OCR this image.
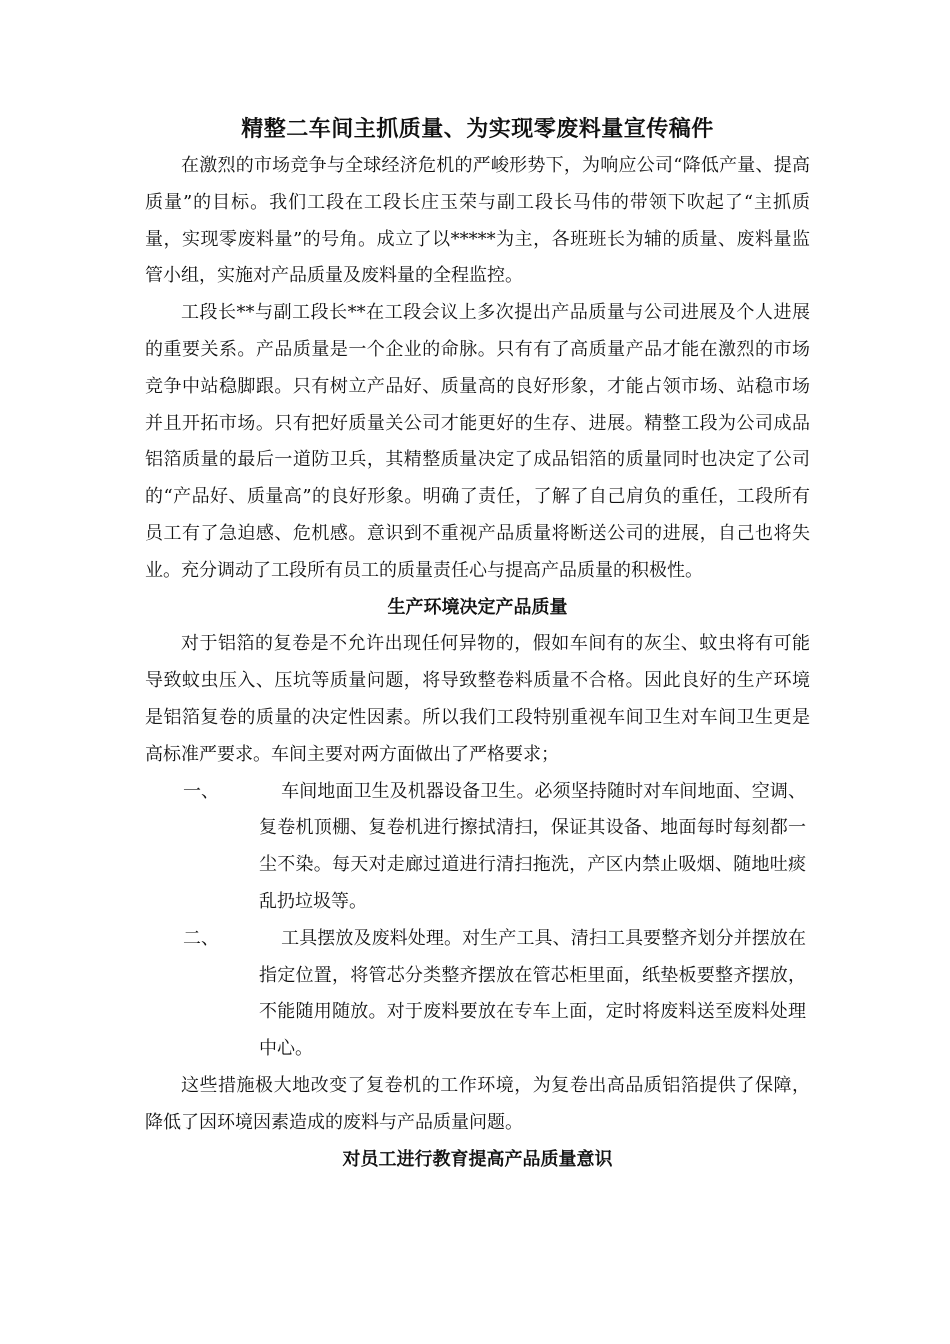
精整二车间主抓质量、为实现零废料量宣传稿件

在激烈的市场竞争与全球经济危机的严峻形势下，为响应公司“降低产量、提高质量”的目标。我们工段在工段长庄玉荣与副工段长马伟的带领下吹起了“主抓质量，实现零废料量”的号角。成立了以*****为主，各班班长为辅的质量、废料量监管小组，实施对产品质量及废料量的全程监控。

工段长**与副工段长**在工段会议上多次提出产品质量与公司进展及个人进展的重要关系。产品质量是一个企业的命脉。只有有了高质量产品才能在激烈的市场竞争中站稳脚跟。只有树立产品好、质量高的良好形象，才能占领市场、站稳市场并且开拓市场。只有把好质量关公司才能更好的生存、进展。精整工段为公司成品铝箔质量的最后一道防卫兵，其精整质量决定了成品铝箔的质量同时也决定了公司的“产品好、质量高”的良好形象。明确了责任，了解了自己肩负的重任，工段所有员工有了急迫感、危机感。意识到不重视产品质量将断送公司的进展，自己也将失业。充分调动了工段所有员工的质量责任心与提高产品质量的积极性。

生产环境决定产品质量

对于铝箔的复卷是不允许出现任何异物的，假如车间有的灰尘、蚊虫将有可能导致蚊虫压入、压坑等质量问题，将导致整卷料质量不合格。因此良好的生产环境是铝箔复卷的质量的决定性因素。所以我们工段特别重视车间卫生对车间卫生更是高标准严要求。车间主要对两方面做出了严格要求；

一、	车间地面卫生及机器设备卫生。必须坚持随时对车间地面、空调、复卷机顶棚、复卷机进行擦拭清扫，保证其设备、地面每时每刻都一尘不染。每天对走廊过道进行清扫拖洗，产区内禁止吸烟、随地吐痰乱扔垃圾等。
二、	工具摆放及废料处理。对生产工具、清扫工具要整齐划分并摆放在指定位置，将管芯分类整齐摆放在管芯柜里面，纸垫板要整齐摆放，不能随用随放。对于废料要放在专车上面，定时将废料送至废料处理中心。

这些措施极大地改变了复卷机的工作环境，为复卷出高品质铝箔提供了保障，降低了因环境因素造成的废料与产品质量问题。

对员工进行教育提高产品质量意识
